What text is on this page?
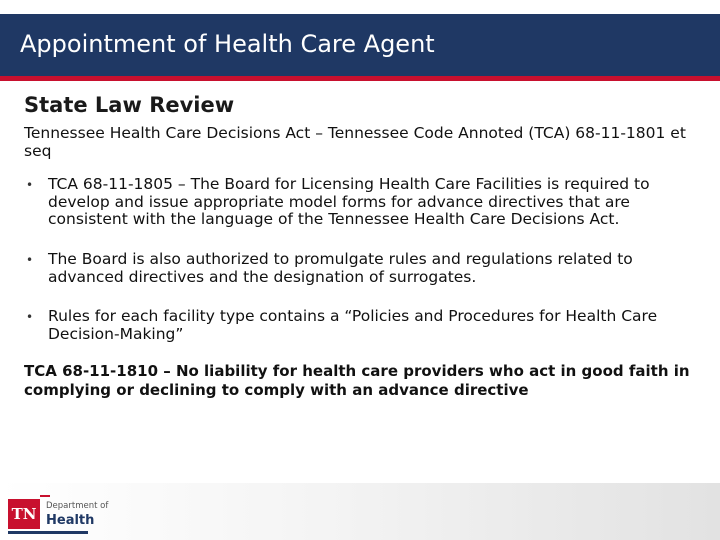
Appointment of Health Care Agent
State Law Review
Tennessee Health Care Decisions Act – Tennessee Code Annoted (TCA) 68-11-1801 et seq
• TCA 68-11-1805 – The Board for Licensing Health Care Facilities is required to develop and issue appropriate model forms for advance directives that are consistent with the language of the Tennessee Health Care Decisions Act.
• The Board is also authorized to promulgate rules and regulations related to advanced directives and the designation of surrogates.
• Rules for each facility type contains a “Policies and Procedures for Health Care Decision-Making”
TCA 68-11-1810 – No liability for health care providers who act in good faith in complying or declining to comply with an advance directive
TN	Department of
Health
